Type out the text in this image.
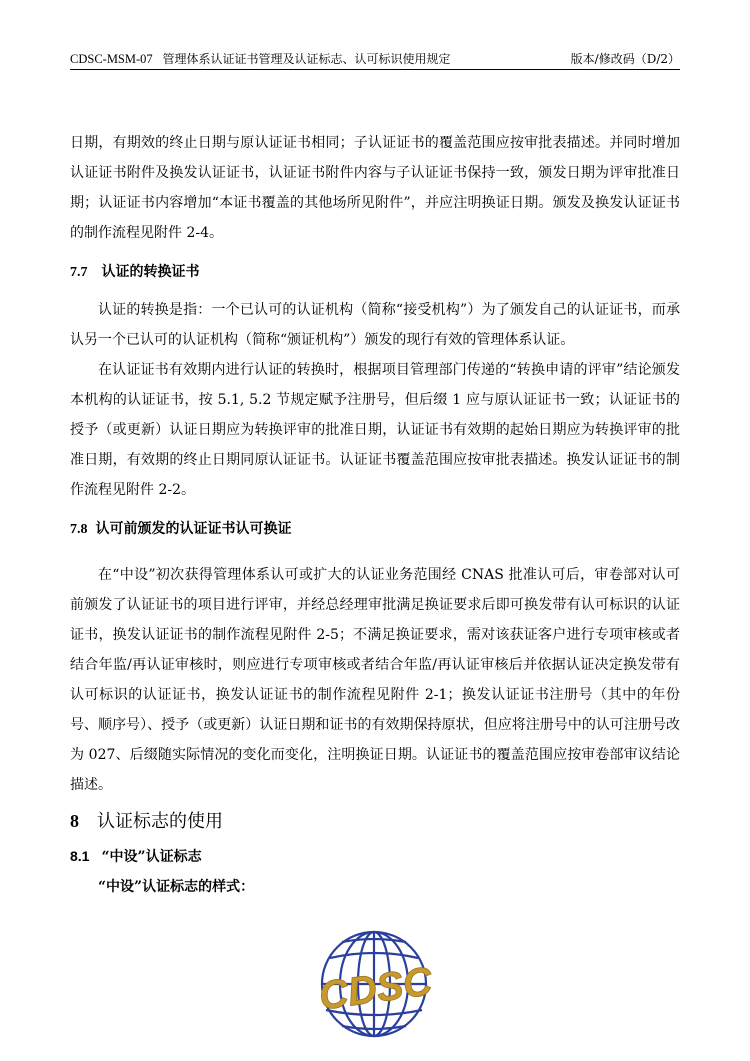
CDSC-MSM-07 管理体系认证证书管理及认证标志、认可标识使用规定	版本/修改码（D/2）

日期，有期效的终止日期与原认证证书相同；子认证证书的覆盖范围应按审批表描述。并同时增加认证证书附件及换发认证证书，认证证书附件内容与子认证证书保持一致，颁发日期为评审批准日期；认证证书内容增加“本证书覆盖的其他场所见附件”，并应注明换证日期。颁发及换发认证证书的制作流程见附件 2-4。

7.7 认证的转换证书

认证的转换是指：一个已认可的认证机构（简称“接受机构”）为了颁发自己的认证证书，而承认另一个已认可的认证机构（简称“颁证机构”）颁发的现行有效的管理体系认证。

在认证证书有效期内进行认证的转换时，根据项目管理部门传递的“转换申请的评审”结论颁发本机构的认证证书，按 5.1, 5.2 节规定赋予注册号，但后缀 1 应与原认证证书一致；认证证书的授予（或更新）认证日期应为转换评审的批准日期，认证证书有效期的起始日期应为转换评审的批准日期，有效期的终止日期同原认证证书。认证证书覆盖范围应按审批表描述。换发认证证书的制作流程见附件 2-2。

7.8 认可前颁发的认证证书认可换证

在“中设”初次获得管理体系认可或扩大的认证业务范围经 CNAS 批准认可后，审卷部对认可前颁发了认证证书的项目进行评审，并经总经理审批满足换证要求后即可换发带有认可标识的认证证书，换发认证证书的制作流程见附件 2-5；不满足换证要求，需对该获证客户进行专项审核或者结合年监/再认证审核时，则应进行专项审核或者结合年监/再认证审核后并依据认证决定换发带有认可标识的认证证书，换发认证证书的制作流程见附件 2-1；换发认证证书注册号（其中的年份号、顺序号）、授予（或更新）认证日期和证书的有效期保持原状，但应将注册号中的认可注册号改为 027、后缀随实际情况的变化而变化，注明换证日期。认证证书的覆盖范围应按审卷部审议结论描述。

8 认证标志的使用
8.1 “中设”认证标志

“中设”认证标志的样式：

CDSC
